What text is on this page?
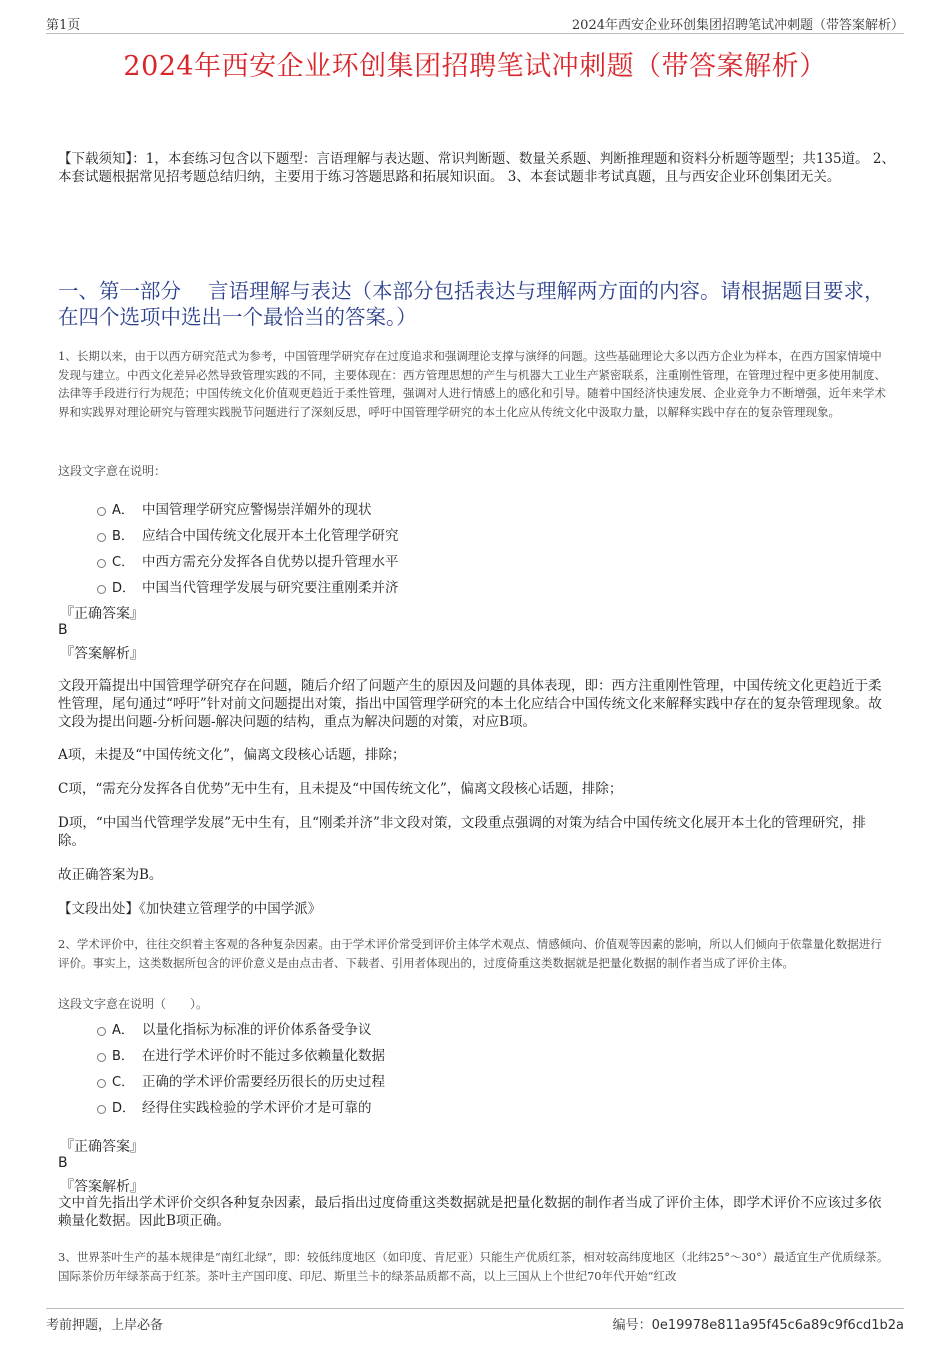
第1页	2024年西安企业环创集团招聘笔试冲刺题（带答案解析）
2024年西安企业环创集团招聘笔试冲刺题（带答案解析）
【下载须知】：1，本套练习包含以下题型：言语理解与表达题、常识判断题、数量关系题、判断推理题和资料分析题等题型；共135道。 2、本套试题根据常见招考题总结归纳，主要用于练习答题思路和拓展知识面。 3、本套试题非考试真题，且与西安企业环创集团无关。
一、第一部分　 言语理解与表达（本部分包括表达与理解两方面的内容。请根据题目要求，在四个选项中选出一个最恰当的答案。）
1、长期以来，由于以西方研究范式为参考，中国管理学研究存在过度追求和强调理论支撑与演绎的问题。这些基础理论大多以西方企业为样本，在西方国家情境中发现与建立。中西文化差异必然导致管理实践的不同，主要体现在：西方管理思想的产生与机器大工业生产紧密联系，注重刚性管理，在管理过程中更多使用制度、法律等手段进行行为规范；中国传统文化价值观更趋近于柔性管理，强调对人进行情感上的感化和引导。随着中国经济快速发展、企业竞争力不断增强，近年来学术界和实践界对理论研究与管理实践脱节问题进行了深刻反思，呼吁中国管理学研究的本土化应从传统文化中汲取力量，以解释实践中存在的复杂管理现象。
这段文字意在说明：
A． 中国管理学研究应警惕崇洋媚外的现状
B． 应结合中国传统文化展开本土化管理学研究
C． 中西方需充分发挥各自优势以提升管理水平
D． 中国当代管理学发展与研究要注重刚柔并济
『正确答案』
B
『答案解析』
文段开篇提出中国管理学研究存在问题，随后介绍了问题产生的原因及问题的具体表现，即：西方注重刚性管理，中国传统文化更趋近于柔性管理，尾句通过“呼吁”针对前文问题提出对策，指出中国管理学研究的本土化应结合中国传统文化来解释实践中存在的复杂管理现象。故文段为提出问题-分析问题-解决问题的结构，重点为解决问题的对策，对应B项。
A项，未提及“中国传统文化”，偏离文段核心话题，排除；
C项，“需充分发挥各自优势”无中生有，且未提及“中国传统文化”，偏离文段核心话题，排除；
D项，“中国当代管理学发展”无中生有，且“刚柔并济”非文段对策，文段重点强调的对策为结合中国传统文化展开本土化的管理研究，排除。
故正确答案为B。
【文段出处】《加快建立管理学的中国学派》
2、学术评价中，往往交织着主客观的各种复杂因素。由于学术评价常受到评价主体学术观点、情感倾向、价值观等因素的影响，所以人们倾向于依靠量化数据进行评价。事实上，这类数据所包含的评价意义是由点击者、下载者、引用者体现出的，过度倚重这类数据就是把量化数据的制作者当成了评价主体。
这段文字意在说明（　　）。
A． 以量化指标为标准的评价体系备受争议
B． 在进行学术评价时不能过多依赖量化数据
C． 正确的学术评价需要经历很长的历史过程
D． 经得住实践检验的学术评价才是可靠的
『正确答案』
B
『答案解析』
文中首先指出学术评价交织各种复杂因素，最后指出过度倚重这类数据就是把量化数据的制作者当成了评价主体，即学术评价不应该过多依赖量化数据。因此B项正确。
3、世界茶叶生产的基本规律是“南红北绿”，即：较低纬度地区（如印度、肯尼亚）只能生产优质红茶，相对较高纬度地区（北纬25°～30°）最适宜生产优质绿茶。国际茶价历年绿茶高于红茶。茶叶主产国印度、印尼、斯里兰卡的绿茶品质都不高，以上三国从上个世纪70年代开始“红改
考前押题，上岸必备	编号：0e19978e811a95f45c6a89c9f6cd1b2a
